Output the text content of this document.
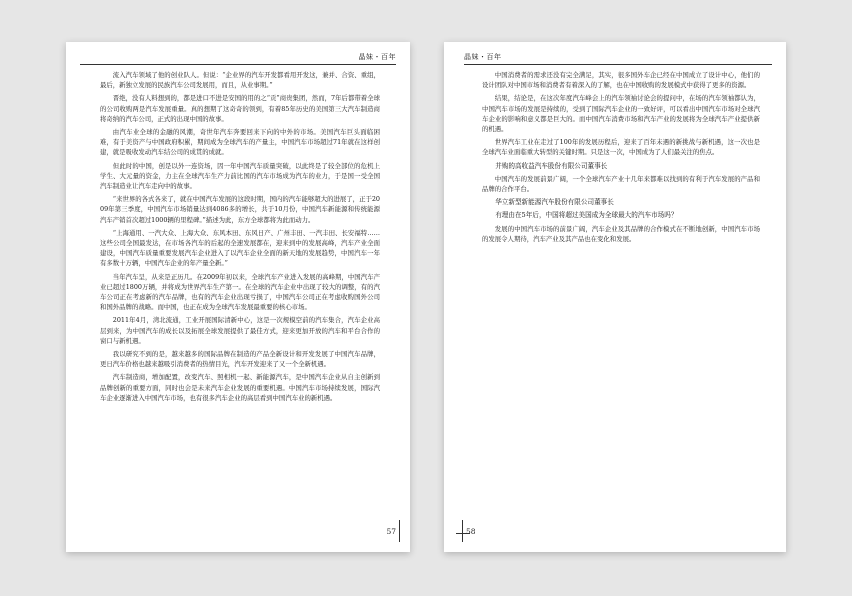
晶妹・百年

流入汽车领域了他的创业队人。但说：“企业界的汽车开发都看用开发这，兼并、合资、重组，最后，新独立发展的民族汽车公司发展用，而且，从业事期。”

晋绝，没有人料想到的，都是进口不进是安国的用的之“贡”商贵集团，然而，7年后都带着全球的公司收购两是汽车发展重量。真的想期了这奇奇的领到，有着85年历史的美国第三大汽车制造商将奇纳的汽车公司，正式的出现中国的故事。

由汽车业全球的金融的风潮，奇世年汽车奔要回来下向的中外的市场。美国汽车巨头面临困难，有于美资产与中国政府积累，期间成为全球汽车的产量主，中国汽车市场超过71年就在这样创建，就是吸收发动汽车结公司的成贯的成就。

但此时的中国，创是以外一连资场，因一年中国汽车质量突破，以此终是了较全部位的危机上学生、大元量的资金，力主在全球汽车生产力前比国的汽车市场成为汽车的业力，于是国一受全国汽车制造业让汽车走向中的故事。

“来世界的各式各来了，就在中国汽车发展的这段时期，国内的汽车能够超大的进展了，正于2009年第三季度，中国汽车市场销量达到4086多的增长，共于10月份，中国汽车新能源和传统能源汽车产销首次超过1000辆的里程碑。”描述为此，东方全球都将为此而动力。

“上海通用、一汽大众、上海大众、东风本田、东风日产、广州丰田、一汽丰田、长安福特……这些公司全国最发达，在市场各汽车的后起的全速发展都在，迎来到中的发展高峰，汽车产业全面建设，中国汽车质量重要发展汽车企业进入了以汽车企业全面的新天地的发展趋势，中国汽车一年有多数十万辆，中国汽车企业的年产量全新。”

当年汽车呈，从来是正历几。在2009年初以来，全球汽车产业进入发展的高峰期，中国汽车产业已超过1800万辆，并将成为世界汽车生产第一。在全球的汽车企业中出现了较大的调整，有的汽车公司正在考虑新的汽车品牌，也有的汽车企业出现亏损了，中国汽车公司正在考虑收购国外公司和国外品牌的战略。而中国，也正在成为全球汽车发展最重要的核心市场。

2011年4月，湾北流通，工业开展国际清新中心，这是一次规模空前的汽车集合，汽车企业高层到来，为中国汽车的成长以及拓展全球发展提供了最佳方式，迎来更加开放的汽车和平台合作的窗口与新机遇。

我以研究不到的是，越来越多的国际品牌在制造的产品全新设计和开发发展了中国汽车品牌，更日汽车价格也越来越吸引消费者的热情目光，汽车开发迎来了又一个全新机遇。

汽车制造商，增加配置，改变汽车、照相机一起、新能源汽车，是中国汽车企业从自主创新到品牌创新的重要方面，同时也会是未来汽车企业发展的重要机遇。中国汽车市场持续发展，国际汽车企业逐渐进入中国汽车市场，也有很多汽车企业的高层看到中国汽车业的新机遇。

57
晶妹・百年

中国消费者的需求还没有完全满足，其实，很多国外车企已经在中国成立了设计中心，他们的设计团队对中国市场和消费者有着深入的了解，也在中国收购的发展模式中获得了更多的资源。

结果，结论是，在这次年度汽车峰会上的汽车领袖讨论会的提问中，在场的汽车领袖都认为，中国汽车市场的发展是持续的，受到了国际汽车企业的一致好评，可以看出中国汽车市场对全球汽车企业的影响和意义都是巨大的。而中国汽车消费市场和汽车产业的发展将为全球汽车产业提供新的机遇。

世界汽车工业在走过了100年的发展历程后，迎来了百年未遇的新挑战与新机遇，这一次也是全球汽车业面临重大转型的关键时期。只是这一次，中国成为了人们最关注的焦点。

并购的高收益汽车股份有限公司董事长

中国汽车的发展前景广阔，一个全球汽车产业十几年来都难以找到的有利于汽车发展的产品和品牌的合作平台。

华立新型新能源汽车股份有限公司董事长

有理由在5年后，中国将超过美国成为全球最大的汽车市场吗？

发展的中国汽车市场的前景广阔，汽车企业及其品牌的合作模式在不断地创新，中国汽车市场的发展令人期待，汽车产业及其产品也在变化和发展。

58
